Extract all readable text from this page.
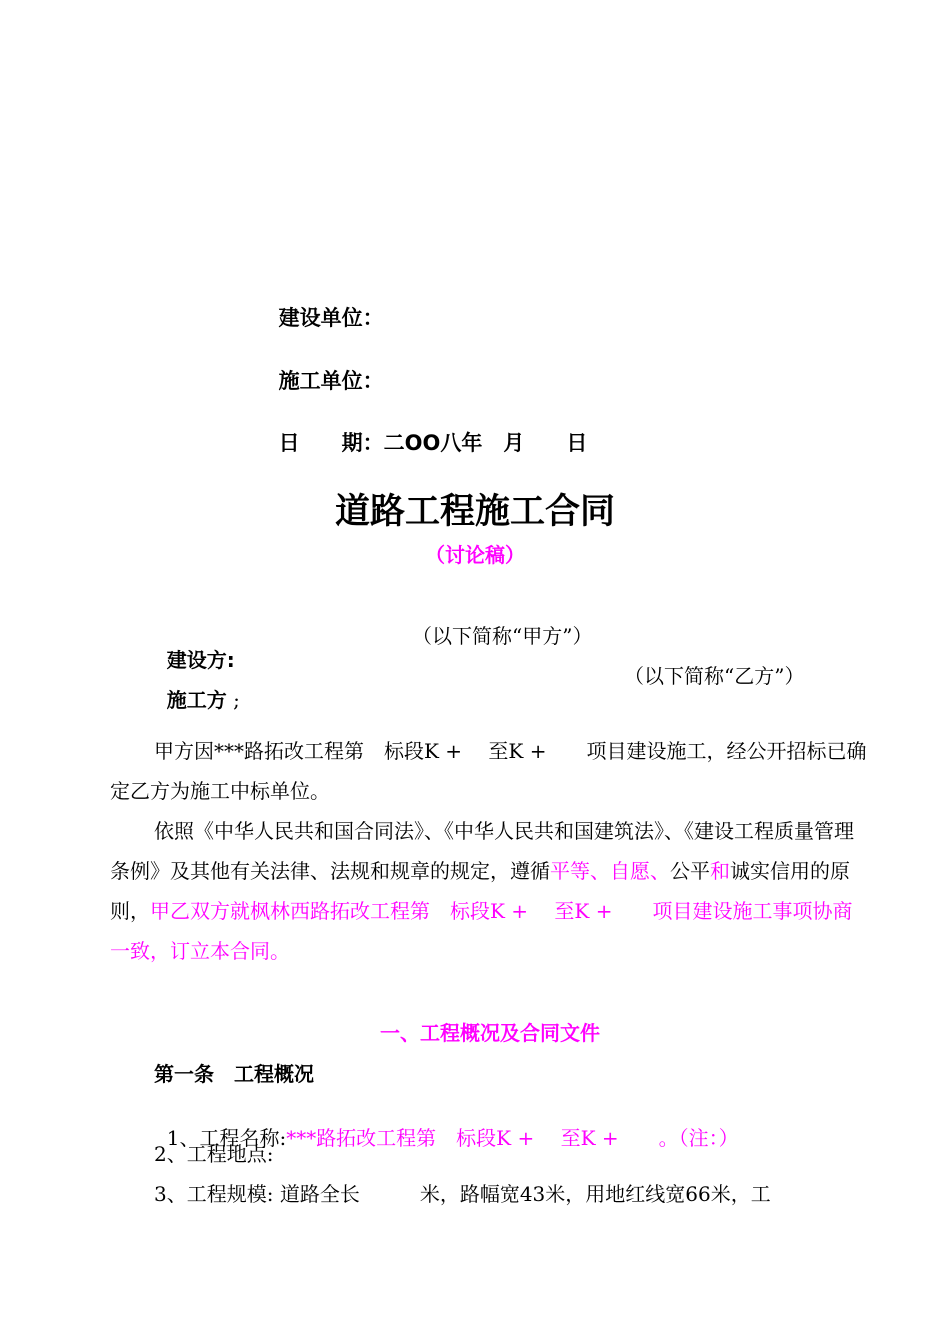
建设单位：

施工单位：

日　　期：二OO八年　月　　日

道路工程施工合同
（讨论稿）

建设方:

（以下简称“甲方”）

施工方 ;

（以下简称“乙方”）
甲方因***路拓改工程第　标段K +　 至K +　　项目建设施工，经公开招标已确定乙方为施工中标单位。
依照《中华人民共和国合同法》、《中华人民共和国建筑法》、《建设工程质量管理条例》及其他有关法律、法规和规章的规定，遵循平等、自愿、公平和诚实信用的原则，甲乙双方就枫林西路拓改工程第　标段K +　 至K +　　项目建设施工事项协商一致，订立本合同。
一、工程概况及合同文件
第一条　工程概况

1、工程名称:***路拓改工程第　标段K +　 至K +　　。（注：）

2、工程地点:
3、工程规模: 道路全长　　　米，路幅宽43米，用地红线宽66米，工
